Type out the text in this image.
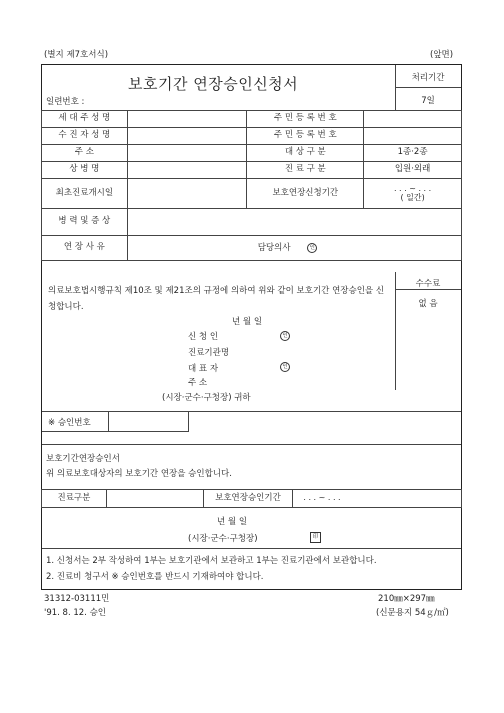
(별지 제7호서식)	(앞면)
보호기간 연장승인신청서
일련번호 :
처리기간
7일
세 대 주 성 명		주 민 등 록 번 호	
수 진 자 성 명		주 민 등 록 번 호	
주 소		대 상 구 분	1종·2종
상 병 명		진 료 구 분	입원·외래
최초진료개시일		보호연장신청기간	. . . ~ . . .
( 일간)

병 력 및 증 상			
연 장 사 유	담당의사 인		
수수료
없 음
의료보호법시행규칙 제10조 및 제21조의 규정에 의하여 위와 같이 보호기간 연장승인을 신청합니다.
년 월 일
신 청 인	인
진료기관명
대 표 자	인
주 소
(시장·군수·구청장) 귀하
※ 승인번호
보호기간연장승인서
위 의료보호대상자의 보호기간 연장을 승인합니다.
진료구분		보호연장승인기간	. . . ~ . . .
년 월 일
(시장·군수·구청장)	印
1. 신청서는 2부 작성하여 1부는 보호기관에서 보관하고 1부는 진료기관에서 보관합니다.
2. 진료비 청구서 ※ 승인번호를 반드시 기재하여야 합니다.
31312-03111민	210㎜×297㎜
'91. 8. 12. 승인	(신문용지 54ｇ/㎡)
